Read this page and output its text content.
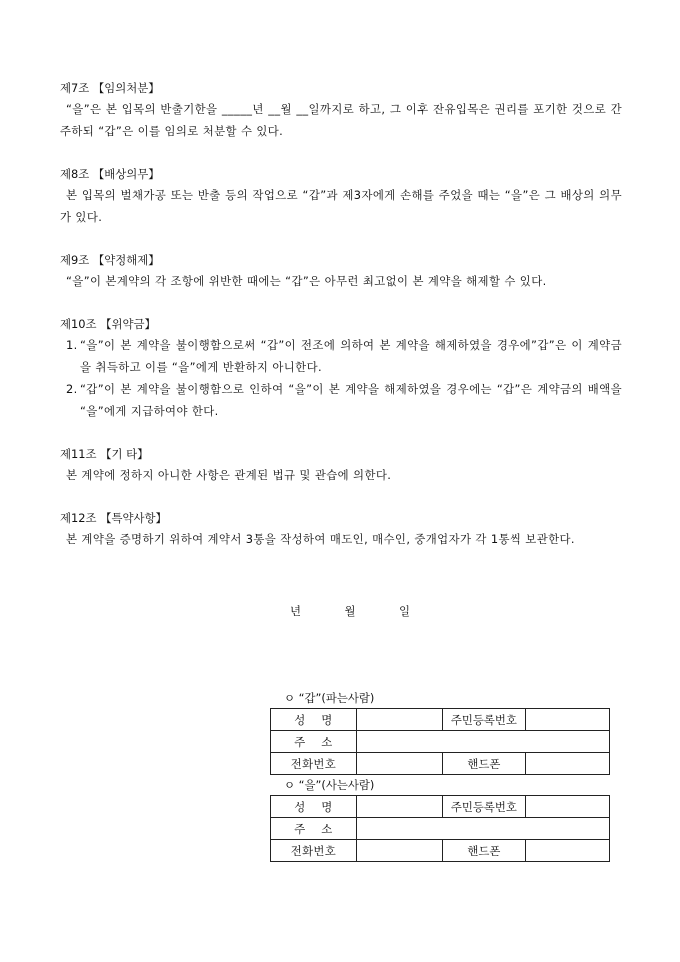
제7조 【임의처분】
“을”은 본 입목의 반출기한을 _____년 __월 __일까지로 하고, 그 이후 잔유입목은 권리를 포기한 것으로 간주하되 “갑”은 이를 임의로 처분할 수 있다.
제8조 【배상의무】
본 입목의 벌채가공 또는 반출 등의 작업으로 “갑”과 제3자에게 손해를 주었을 때는 “을”은 그 배상의 의무가 있다.
제9조 【약정해제】
“을”이 본계약의 각 조항에 위반한 때에는 “갑”은 아무런 최고없이 본 계약을 해제할 수 있다.
제10조 【위약금】
1. “을”이 본 계약을 불이행함으로써 “갑”이 전조에 의하여 본 계약을 해제하였을 경우에”갑”은 이 계약금을 취득하고 이를 “을”에게 반환하지 아니한다.
2. “갑”이 본 계약을 불이행함으로 인하여 “을”이 본 계약을 해제하였을 경우에는 “갑”은 계약금의 배액을 “을”에게 지급하여야 한다.
제11조 【기 타】
본 계약에 정하지 아니한 사항은 관계된 법규 및 관습에 의한다.
제12조 【특약사항】
본 계약을 증명하기 위하여 계약서 3통을 작성하여 매도인, 매수인, 중개업자가 각 1통씩 보관한다.
년	월	일
ㅇ “갑”(파는사람)
성    명		주민등록번호	
주    소			
전화번호		핸드폰	
ㅇ “을”(사는사람)
성    명		주민등록번호	
주    소			
전화번호		핸드폰	
